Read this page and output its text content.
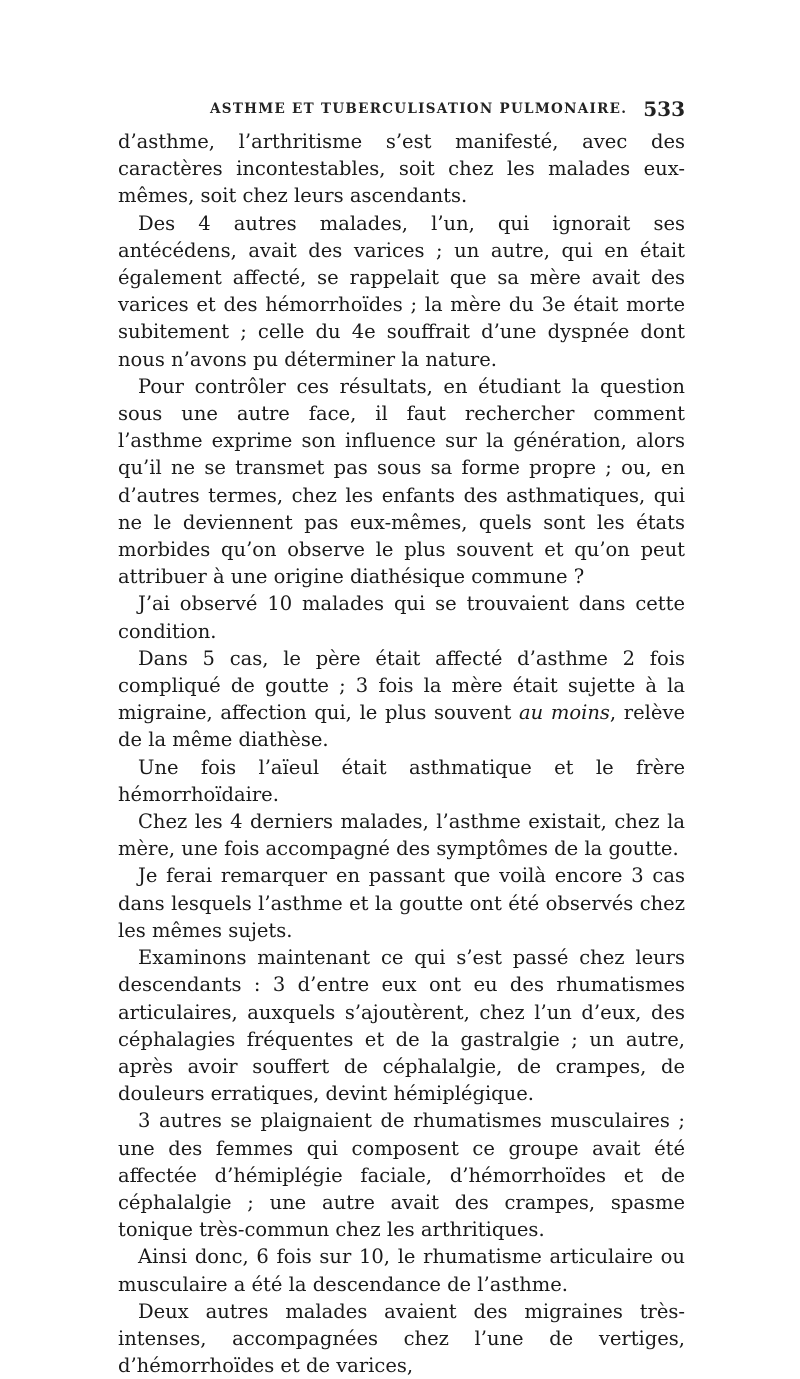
ASTHME ET TUBERCULISATION PULMONAIRE. 533

d’asthme, l’arthritisme s’est manifesté, avec des caractères incontestables, soit chez les malades eux-mêmes, soit chez leurs ascendants.

Des 4 autres malades, l’un, qui ignorait ses antécédens, avait des varices ; un autre, qui en était également affecté, se rappelait que sa mère avait des varices et des hémorrhoïdes ; la mère du 3e était morte subitement ; celle du 4e souffrait d’une dyspnée dont nous n’avons pu déterminer la nature.

Pour contrôler ces résultats, en étudiant la question sous une autre face, il faut rechercher comment l’asthme exprime son influence sur la génération, alors qu’il ne se transmet pas sous sa forme propre ; ou, en d’autres termes, chez les enfants des asthmatiques, qui ne le deviennent pas eux-mêmes, quels sont les états morbides qu’on observe le plus souvent et qu’on peut attribuer à une origine diathésique commune ?

J’ai observé 10 malades qui se trouvaient dans cette condition.

Dans 5 cas, le père était affecté d’asthme 2 fois compliqué de goutte ; 3 fois la mère était sujette à la migraine, affection qui, le plus souvent au moins, relève de la même diathèse.

Une fois l’aïeul était asthmatique et le frère hémorrhoïdaire.

Chez les 4 derniers malades, l’asthme existait, chez la mère, une fois accompagné des symptômes de la goutte.

Je ferai remarquer en passant que voilà encore 3 cas dans lesquels l’asthme et la goutte ont été observés chez les mêmes sujets.

Examinons maintenant ce qui s’est passé chez leurs descendants : 3 d’entre eux ont eu des rhumatismes articulaires, auxquels s’ajoutèrent, chez l’un d’eux, des céphalagies fréquentes et de la gastralgie ; un autre, après avoir souffert de céphalalgie, de crampes, de douleurs erratiques, devint hémiplégique.

3 autres se plaignaient de rhumatismes musculaires ; une des femmes qui composent ce groupe avait été affectée d’hémiplégie faciale, d’hémorrhoïdes et de céphalalgie ; une autre avait des crampes, spasme tonique très-commun chez les arthritiques.

Ainsi donc, 6 fois sur 10, le rhumatisme articulaire ou musculaire a été la descendance de l’asthme.

Deux autres malades avaient des migraines très-intenses, accompagnées chez l’une de vertiges, d’hémorrhoïdes et de varices,
